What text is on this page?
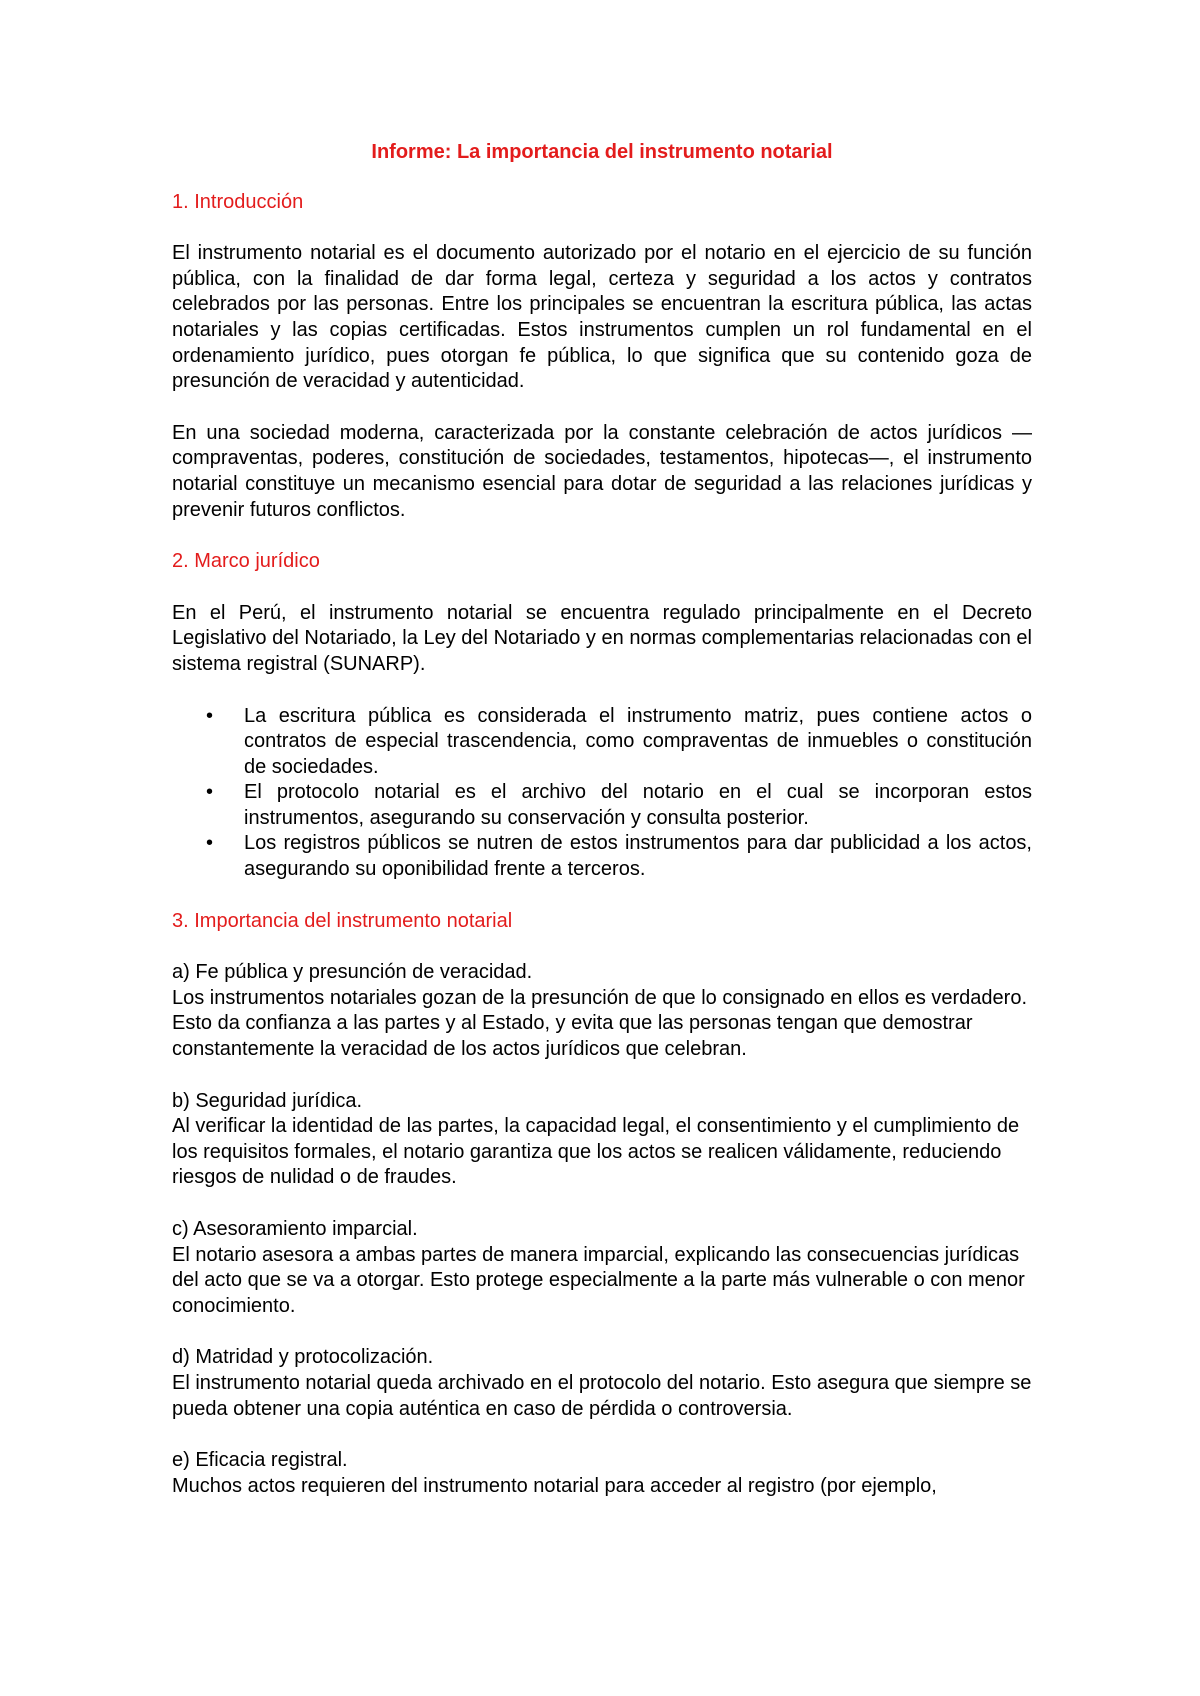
Informe: La importancia del instrumento notarial
1. Introducción

El instrumento notarial es el documento autorizado por el notario en el ejercicio de su función pública, con la finalidad de dar forma legal, certeza y seguridad a los actos y contratos celebrados por las personas. Entre los principales se encuentran la escritura pública, las actas notariales y las copias certificadas. Estos instrumentos cumplen un rol fundamental en el ordenamiento jurídico, pues otorgan fe pública, lo que significa que su contenido goza de presunción de veracidad y autenticidad.

En una sociedad moderna, caracterizada por la constante celebración de actos jurídicos —compraventas, poderes, constitución de sociedades, testamentos, hipotecas—, el instrumento notarial constituye un mecanismo esencial para dotar de seguridad a las relaciones jurídicas y prevenir futuros conflictos.

2. Marco jurídico

En el Perú, el instrumento notarial se encuentra regulado principalmente en el Decreto Legislativo del Notariado, la Ley del Notariado y en normas complementarias relacionadas con el sistema registral (SUNARP).

• La escritura pública es considerada el instrumento matriz, pues contiene actos o contratos de especial trascendencia, como compraventas de inmuebles o constitución de sociedades.
• El protocolo notarial es el archivo del notario en el cual se incorporan estos instrumentos, asegurando su conservación y consulta posterior.
• Los registros públicos se nutren de estos instrumentos para dar publicidad a los actos, asegurando su oponibilidad frente a terceros.
3. Importancia del instrumento notarial

a) Fe pública y presunción de veracidad.
Los instrumentos notariales gozan de la presunción de que lo consignado en ellos es verdadero. Esto da confianza a las partes y al Estado, y evita que las personas tengan que demostrar constantemente la veracidad de los actos jurídicos que celebran.

b) Seguridad jurídica.
Al verificar la identidad de las partes, la capacidad legal, el consentimiento y el cumplimiento de los requisitos formales, el notario garantiza que los actos se realicen válidamente, reduciendo riesgos de nulidad o de fraudes.

c) Asesoramiento imparcial.
El notario asesora a ambas partes de manera imparcial, explicando las consecuencias jurídicas del acto que se va a otorgar. Esto protege especialmente a la parte más vulnerable o con menor conocimiento.

d) Matridad y protocolización.
El instrumento notarial queda archivado en el protocolo del notario. Esto asegura que siempre se pueda obtener una copia auténtica en caso de pérdida o controversia.

e) Eficacia registral.
Muchos actos requieren del instrumento notarial para acceder al registro (por ejemplo,
